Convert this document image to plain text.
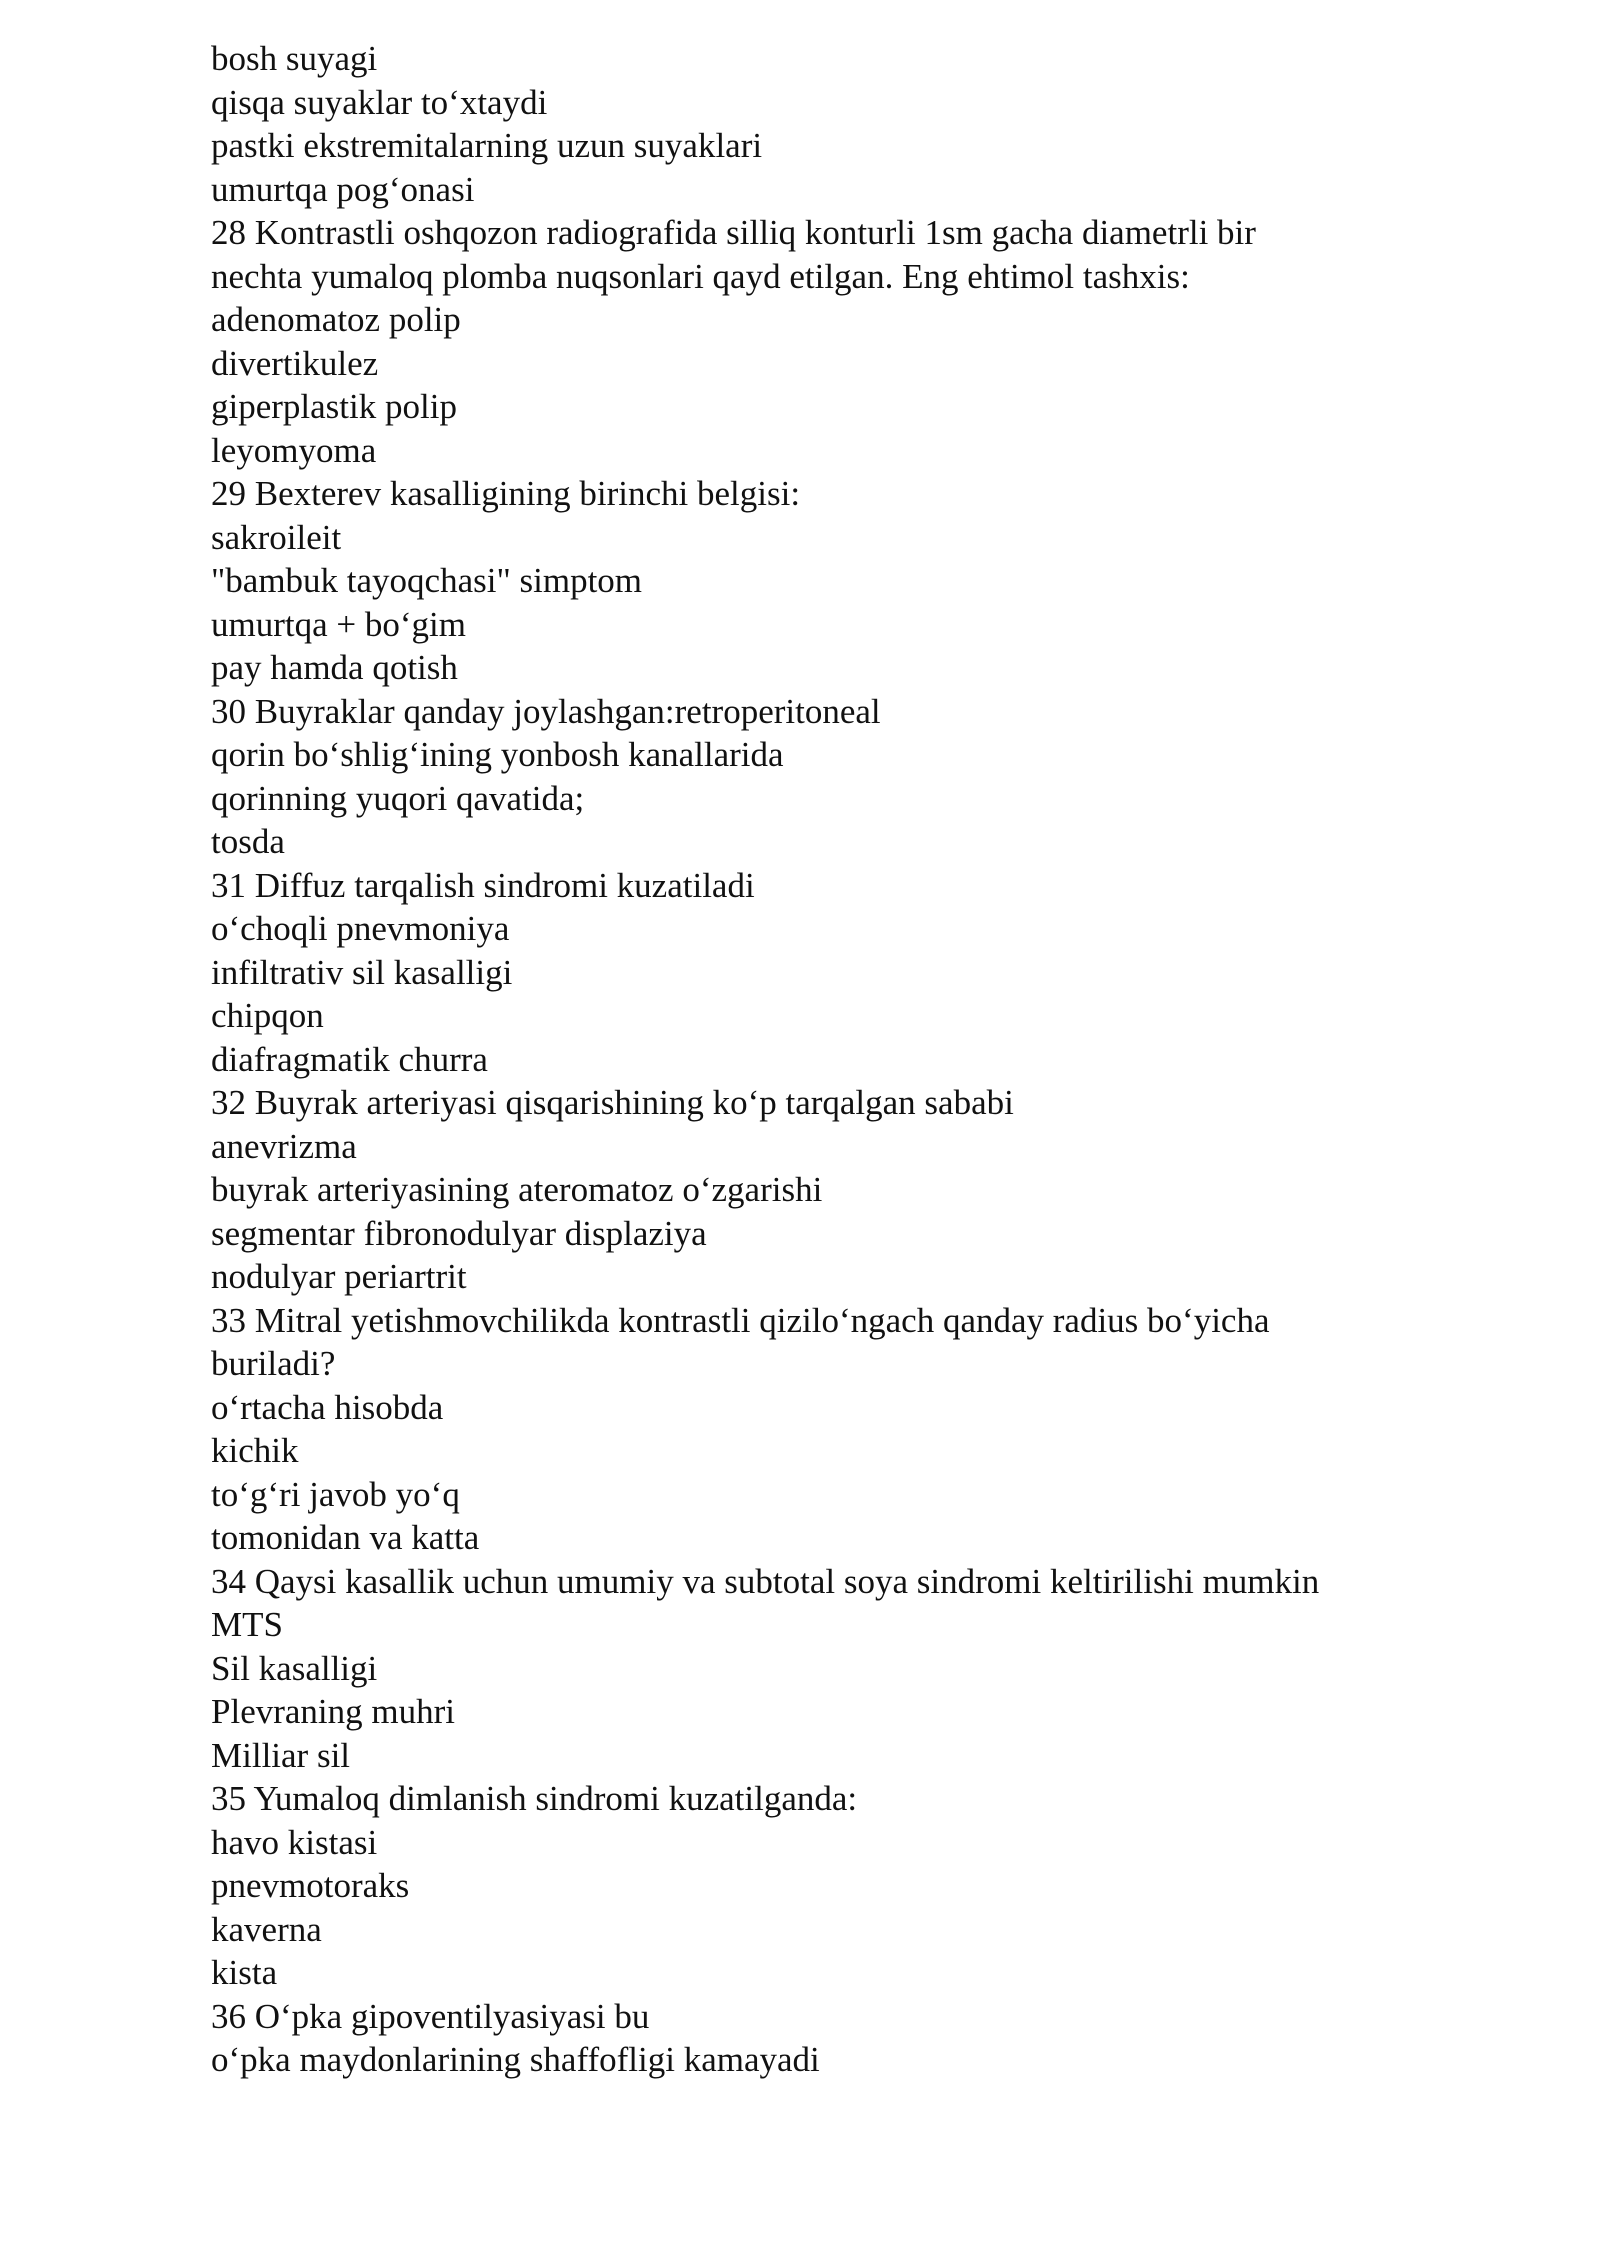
bosh suyagi
qisqa suyaklar to‘xtaydi
pastki ekstremitalarning uzun suyaklari
umurtqa pog‘onasi
28 Kontrastli oshqozon radiografida silliq konturli 1sm gacha diametrli bir
nechta yumaloq plomba nuqsonlari qayd etilgan. Eng ehtimol tashxis:
adenomatoz polip
divertikulez
giperplastik polip
leyomyoma
29 Bexterev kasalligining birinchi belgisi:
sakroileit
"bambuk tayoqchasi" simptom
umurtqa + bo‘gim
pay hamda qotish
30 Buyraklar qanday joylashgan:retroperitoneal
qorin bo‘shlig‘ining yonbosh kanallarida
qorinning yuqori qavatida;
tosda
31 Diffuz tarqalish sindromi kuzatiladi
o‘choqli pnevmoniya
infiltrativ sil kasalligi
chipqon
diafragmatik churra
32 Buyrak arteriyasi qisqarishining ko‘p tarqalgan sababi
anevrizma
buyrak arteriyasining ateromatoz o‘zgarishi
segmentar fibronodulyar displaziya
nodulyar periartrit
33 Mitral yetishmovchilikda kontrastli qizilo‘ngach qanday radius bo‘yicha
buriladi?
o‘rtacha hisobda
kichik
to‘g‘ri javob yo‘q
tomonidan va katta
34 Qaysi kasallik uchun umumiy va subtotal soya sindromi keltirilishi mumkin
MTS
Sil kasalligi
Plevraning muhri
Milliar sil
35 Yumaloq dimlanish sindromi kuzatilganda:
havo kistasi
pnevmotoraks
kaverna
kista
36 O‘pka gipoventilyasiyasi bu
o‘pka maydonlarining shaffofligi kamayadi
